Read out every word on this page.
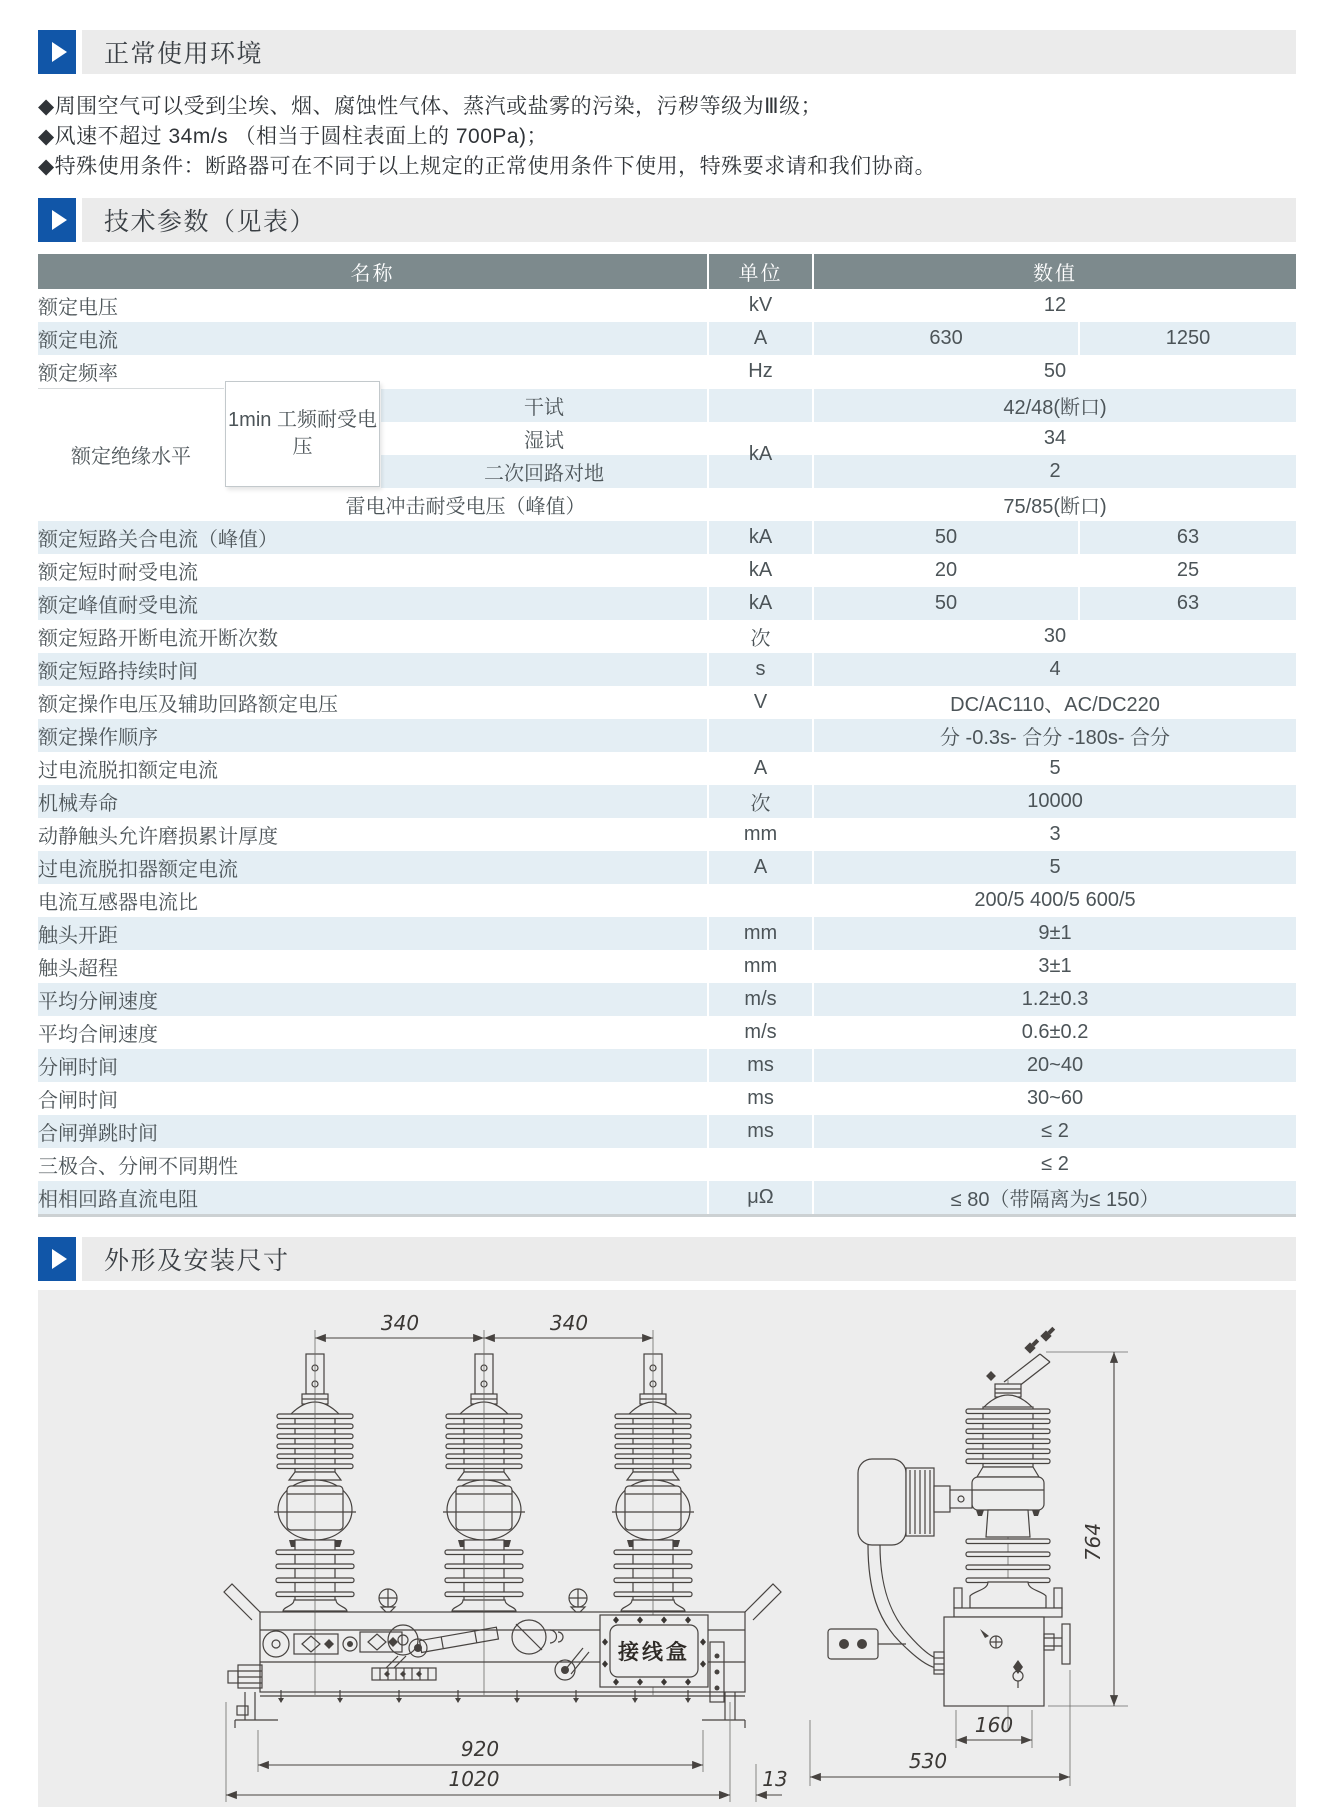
正常使用环境
◆周围空气可以受到尘埃、烟、腐蚀性气体、蒸汽或盐雾的污染，污秽等级为Ⅲ级；
◆风速不超过 34m/s （相当于圆柱表面上的 700Pa)；
◆特殊使用条件：断路器可在不同于以上规定的正常使用条件下使用，特殊要求请和我们协商。
技术参数（见表）
名称			单位	数值	
额定电压			kV	12	
额定电流			A	630	1250
额定频率			Hz	50	
额定绝缘水平	1min 工频耐受电压	干试	kA	42/48(断口)	
		湿试		34	
		二次回路对地		2	
	雷电冲击耐受电压（峰值）			75/85(断口)	
额定短路关合电流（峰值）			kA	50	63
额定短时耐受电流			kA	20	25
额定峰值耐受电流			kA	50	63
额定短路开断电流开断次数			次	30	
额定短路持续时间			s	4	
额定操作电压及辅助回路额定电压			V	DC/AC110、AC/DC220	
额定操作顺序				分 -0.3s- 合分 -180s- 合分	
过电流脱扣额定电流			A	5	
机械寿命			次	10000	
动静触头允许磨损累计厚度			mm	3	
过电流脱扣器额定电流			A	5	
电流互感器电流比				200/5 400/5 600/5	
触头开距			mm	9±1	
触头超程			mm	3±1	
平均分闸速度			m/s	1.2±0.3	
平均合闸速度			m/s	0.6±0.2	
分闸时间			ms	20~40	
合闸时间			ms	30~60	
合闸弹跳时间			ms	≤ 2	
三极合、分闸不同期性				≤ 2	
相相回路直流电阻			μΩ	≤ 80（带隔离为≤ 150）	
外形及安装尺寸
340	340
接线盒
920
1020	13
160
530
764
